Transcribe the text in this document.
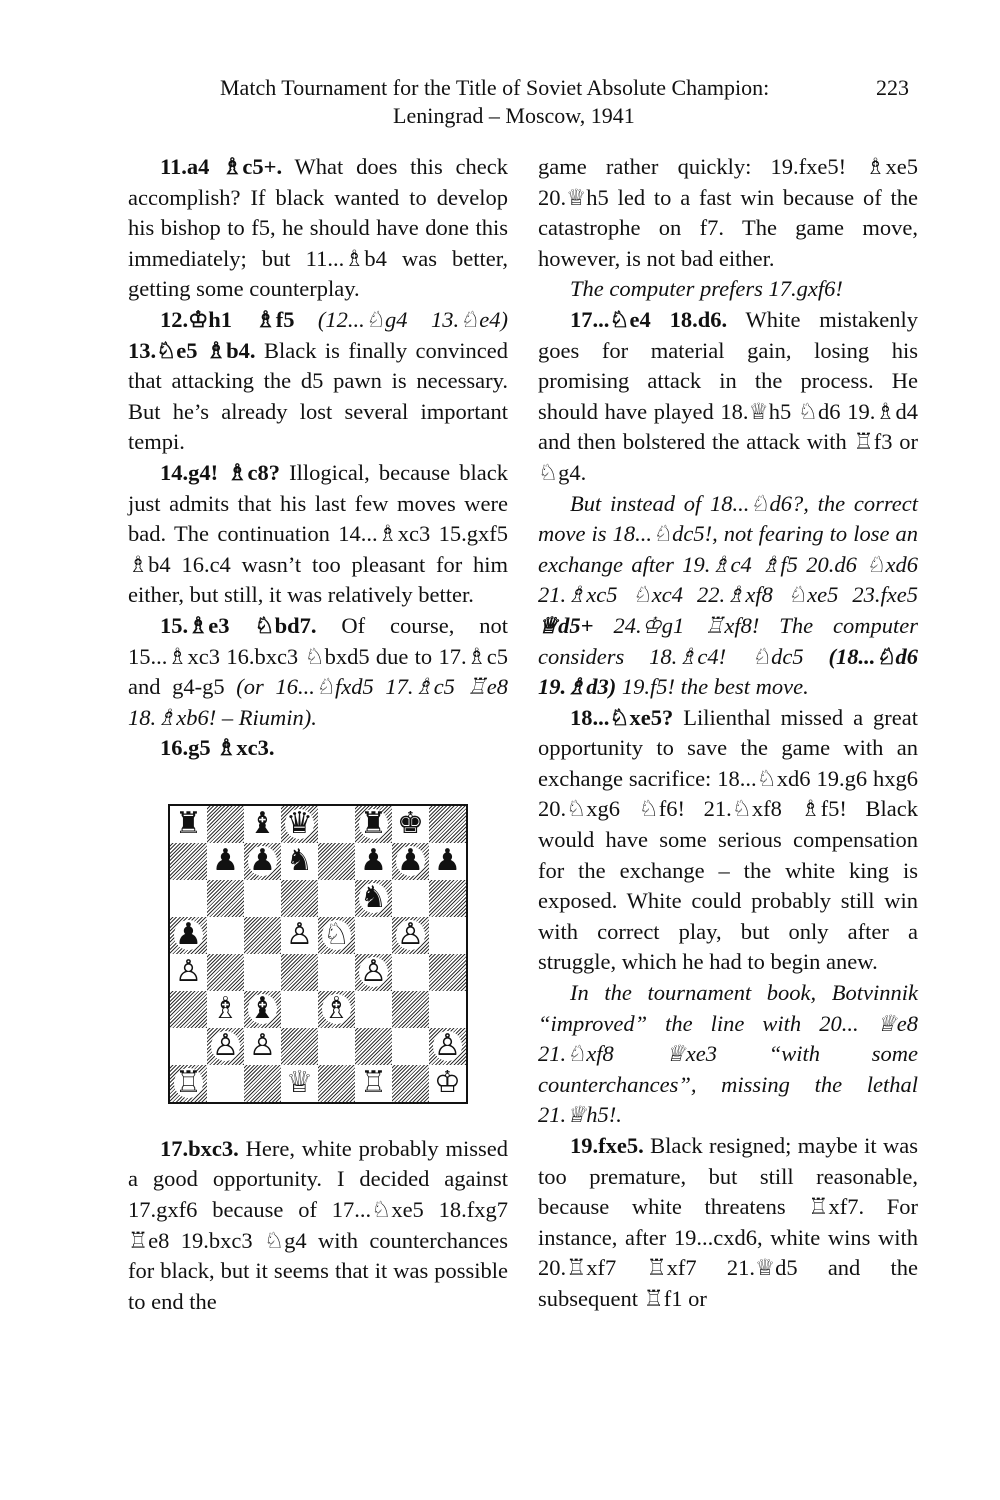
Match Tournament for the Title of Soviet Absolute Champion:
Leningrad – Moscow, 1941
223

11.a4 ♗c5+. What does this check accomplish? If black wanted to develop his bishop to f5, he should have done this immediately; but 11...♗b4 was better, getting some counterplay.

12.♔h1 ♗f5 (12...♘g4 13.♘e4) 13.♘e5 ♗b4. Black is finally convinced that attacking the d5 pawn is necessary. But he’s already lost several important tempi.

14.g4! ♗c8? Illogical, because black just admits that his last few moves were bad. The continuation 14...♗xc3 15.gxf5 ♗b4 16.c4 wasn’t too pleasant for him either, but still, it was relatively better.

15.♗e3 ♘bd7. Of course, not 15...♗xc3 16.bxc3 ♘bxd5 due to 17.♗c5 and g4-g5 (or 16...♘fxd5 17.♗c5 ♖e8 18.♗xb6! – Riumin).

16.g5 ♗xc3.

♜ ♝ ♛ ♜ ♚
♟ ♟ ♞ ♟ ♟ ♟
♞
♟	♙ ♘ ♙
♙	♙
♗ ♝ ♗
♙ ♙	♙
♖	♕ ♖ ♔

17.bxc3. Here, white probably missed a good opportunity. I decided against 17.gxf6 because of 17...♘xe5 18.fxg7 ♖e8 19.bxc3 ♘g4 with counterchances for black, but it seems that it was possible to end the

game rather quickly: 19.fxe5! ♗xe5 20.♕h5 led to a fast win because of the catastrophe on f7. The game move, however, is not bad either.

The computer prefers 17.gxf6!

17...♘e4 18.d6. White mistakenly goes for material gain, losing his promising attack in the process. He should have played 18.♕h5 ♘d6 19.♗d4 and then bolstered the attack with ♖f3 or ♘g4.

But instead of 18...♘d6?, the correct move is 18...♘dc5!, not fearing to lose an exchange after 19.♗c4 ♗f5 20.d6 ♘xd6 21.♗xc5 ♘xc4 22.♗xf8 ♘xe5 23.fxe5 ♕d5+ 24.♔g1 ♖xf8! The computer considers 18.♗c4! ♘dc5 (18...♘d6 19.♗d3) 19.f5! the best move.

18...♘xe5? Lilienthal missed a great opportunity to save the game with an exchange sacrifice: 18...♘xd6 19.g6 hxg6 20.♘xg6 ♘f6! 21.♘xf8 ♗f5! Black would have some serious compensation for the exchange – the white king is exposed. White could probably still win with correct play, but only after a struggle, which he had to begin anew.

In the tournament book, Botvinnik “improved” the line with 20... ♕e8 21.♘xf8 ♕xe3 “with some counterchances”, missing the lethal 21.♕h5!.

19.fxe5. Black resigned; maybe it was too premature, but still reasonable, because white threatens ♖xf7. For instance, after 19...cxd6, white wins with 20.♖xf7 ♖xf7 21.♕d5 and the subsequent ♖f1 or
